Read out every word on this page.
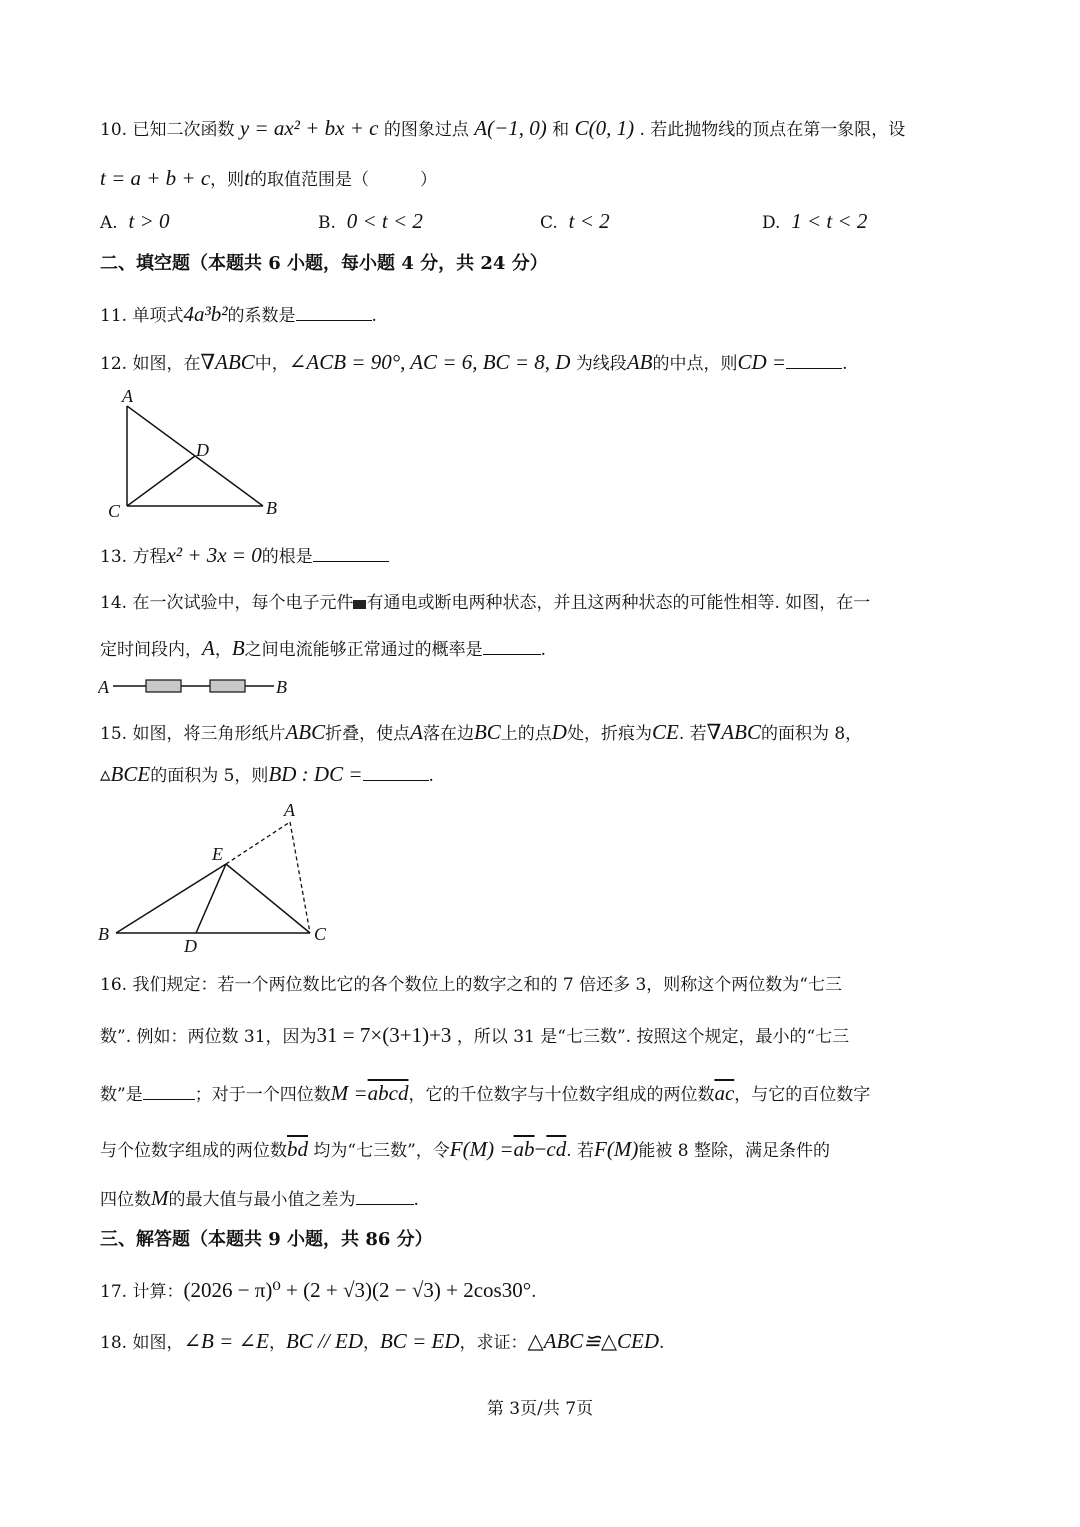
10. 已知二次函数 y = ax² + bx + c 的图象过点 A(−1, 0) 和 C(0, 1) . 若此抛物线的顶点在第一象限，设
t = a + b + c，则t的取值范围是（　　　）
A. t > 0	B. 0 < t < 2	C. t < 2	D. 1 < t < 2
二、填空题（本题共 6 小题，每小题 4 分，共 24 分）
11. 单项式4a³b²的系数是	.
12. 如图，在∇ABC中，∠ACB = 90°, AC = 6, BC = 8, D 为线段AB的中点，则CD =	.
A
D
C	B
13. 方程x² + 3x = 0的根是
14. 在一次试验中，每个电子元件 有通电或断电两种状态，并且这两种状态的可能性相等. 如图，在一
定时间段内，A，B之间电流能够正常通过的概率是	.
A	B
15. 如图，将三角形纸片ABC折叠，使点A落在边BC上的点D处，折痕为CE. 若∇ABC的面积为 8，
▵BCE的面积为 5，则BD : DC =	.
A
E
B
D
C
16. 我们规定：若一个两位数比它的各个数位上的数字之和的 7 倍还多 3，则称这个两位数为“七三
数”. 例如：两位数 31，因为31 = 7×(3+1)+3 ，所以 31 是“七三数”. 按照这个规定，最小的“七三
数”是	；对于一个四位数M =abcd，它的千位数字与十位数字组成的两位数$\overline{ac}$，与它的百位数字
与个位数字组成的两位数$\overline{bd}$ 均为“七三数”，令$F(M) =\overline{ab}-\overline{cd}$. 若F(M)能被 8 整除，满足条件的
四位数M的最大值与最小值之差为	.
三、解答题（本题共 9 小题，共 86 分）
17. 计算：(2026 − π)⁰ + (2 + √3)(2 − √3) + 2cos30°.
18. 如图，∠B = ∠E，BC // ED，BC = ED，求证：△ABC≌△CED.
第 3页/共 7页
